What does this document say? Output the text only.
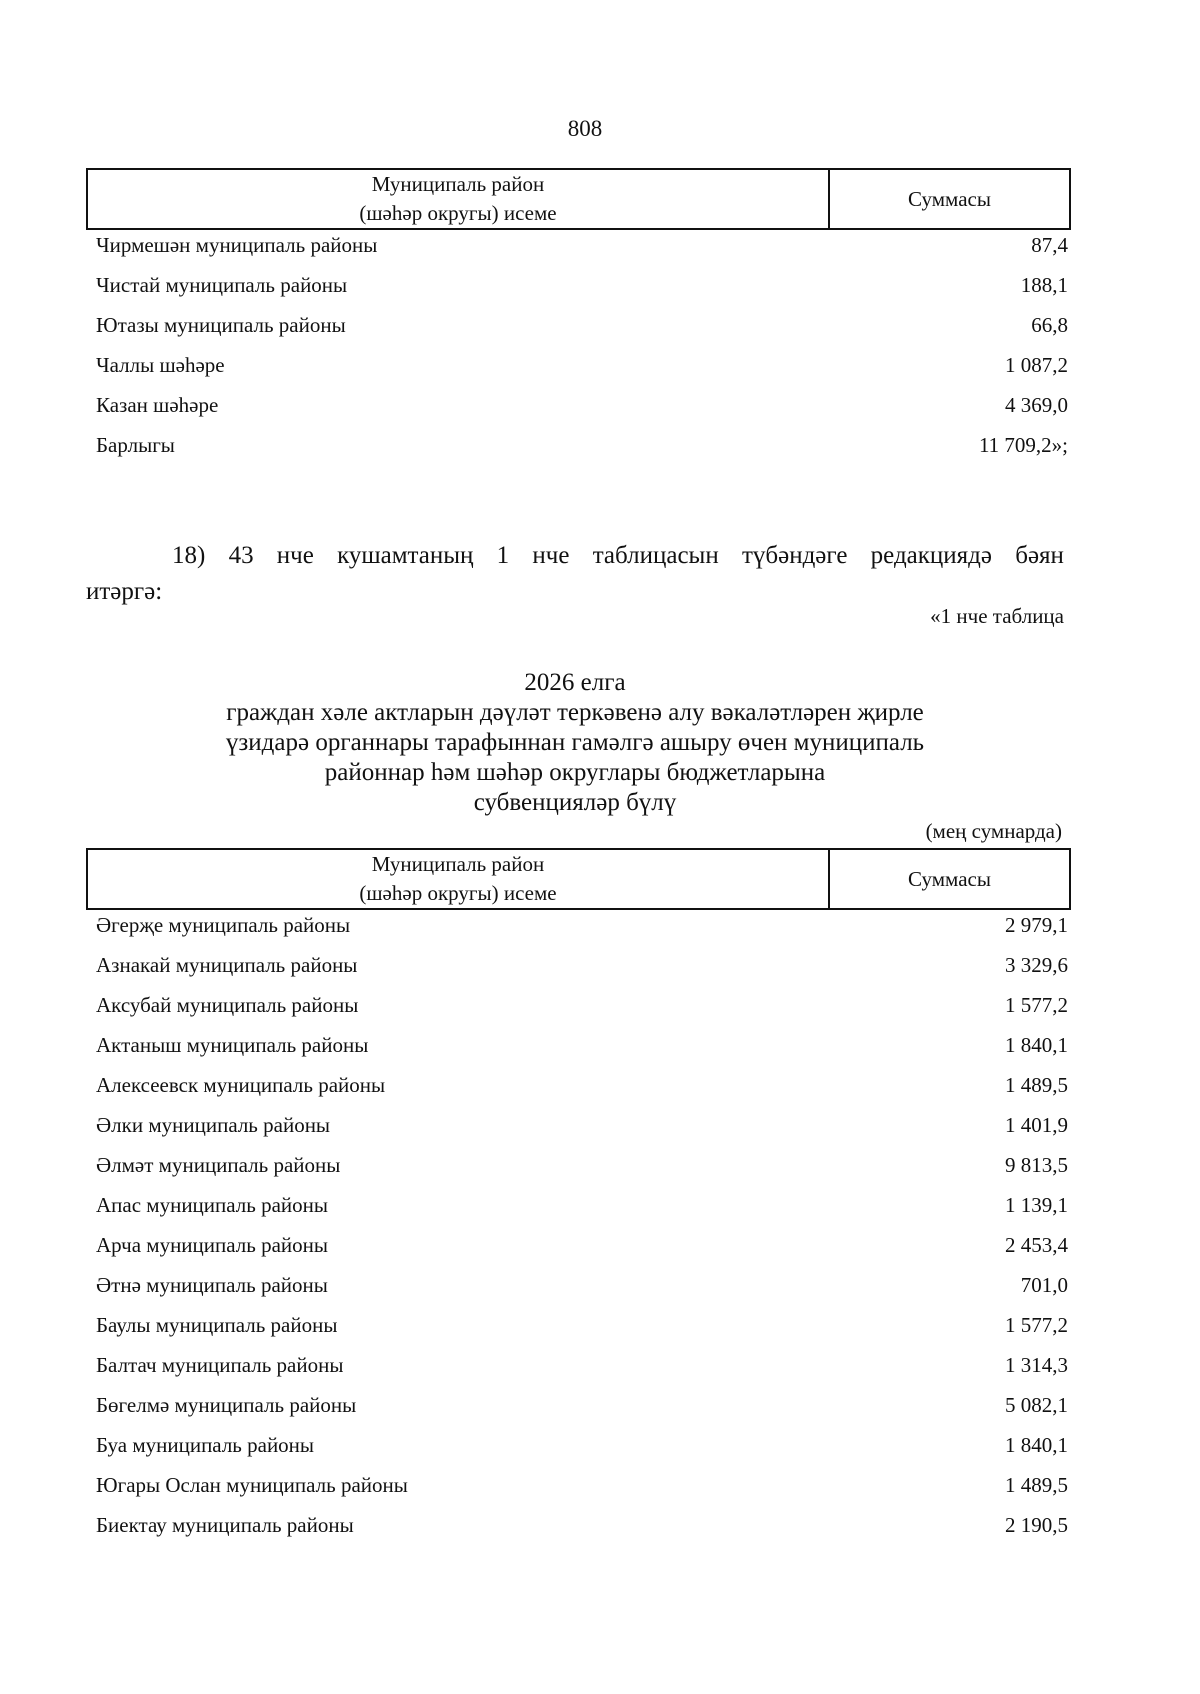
808
Муниципаль район
(шәһәр округы) исеме
	Суммасы
Чирмешән муниципаль районы	87,4
Чистай муниципаль районы	188,1
Ютазы муниципаль районы	66,8
Чаллы шәһәре	1 087,2
Казан шәһәре	4 369,0
Барлыгы	11 709,2»;
18) 43 нче кушамтаның 1 нче таблицасын түбәндәге редакциядә бәян
итәргә:
«1 нче таблица
2026 елга
граждан хәле актларын дәүләт теркәвенә алу вәкаләтләрен җирле
үзидарә органнары тарафыннан гамәлгә ашыру өчен муниципаль
районнар һәм шәһәр округлары бюджетларына
субвенцияләр бүлү
(мең сумнарда)
Муниципаль район
(шәһәр округы) исеме
	Суммасы
Әгерҗе муниципаль районы	2 979,1
Азнакай муниципаль районы	3 329,6
Аксубай муниципаль районы	1 577,2
Актаныш муниципаль районы	1 840,1
Алексеевск муниципаль районы	1 489,5
Әлки муниципаль районы	1 401,9
Әлмәт муниципаль районы	9 813,5
Апас муниципаль районы	1 139,1
Арча муниципаль районы	2 453,4
Әтнә муниципаль районы	701,0
Баулы муниципаль районы	1 577,2
Балтач муниципаль районы	1 314,3
Бөгелмә муниципаль районы	5 082,1
Буа муниципаль районы	1 840,1
Югары Ослан муниципаль районы	1 489,5
Биектау муниципаль районы	2 190,5
